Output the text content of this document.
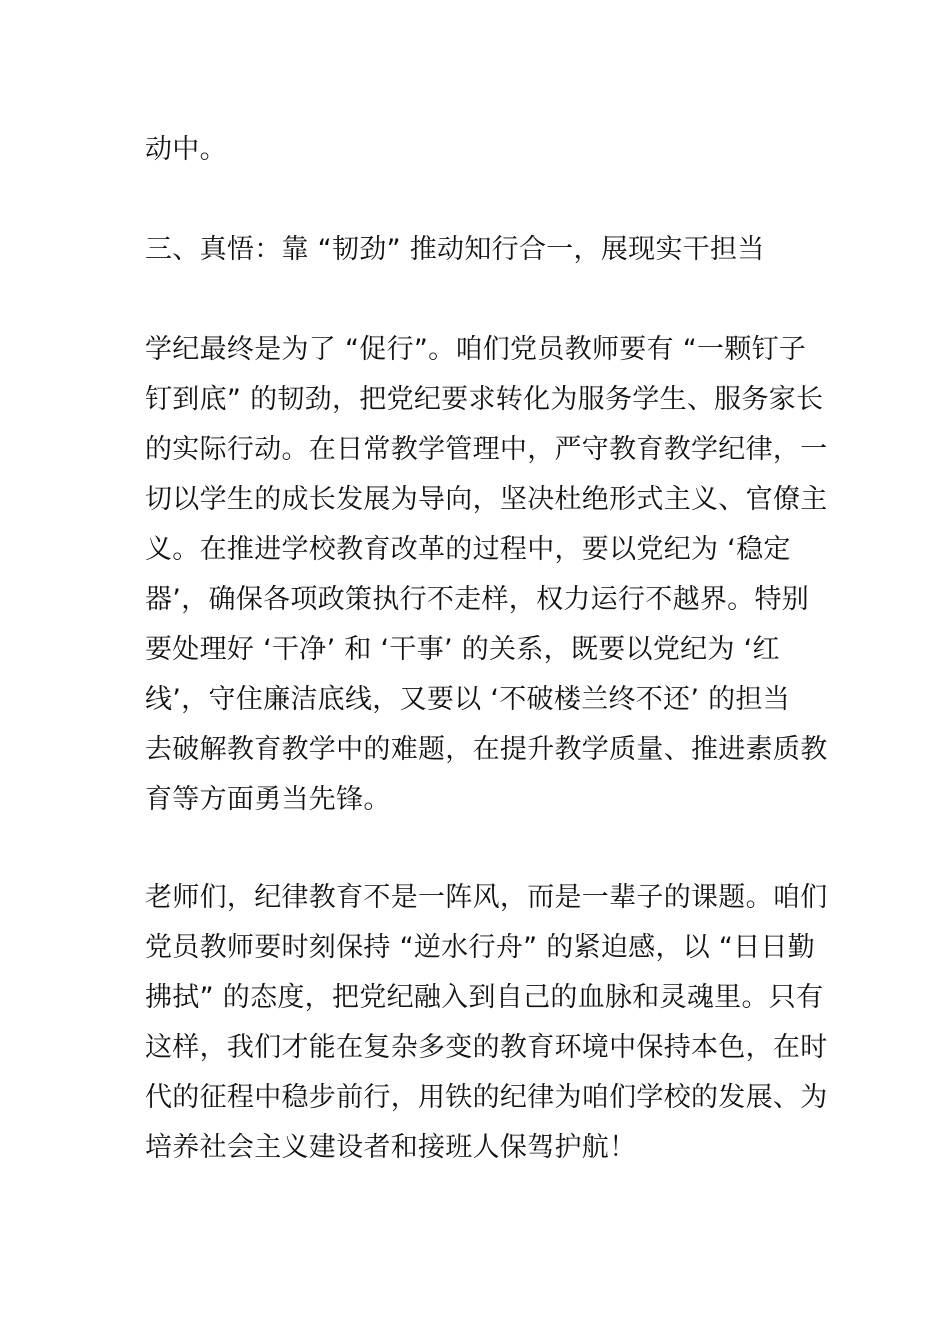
动中。
三、真悟：靠 “韧劲” 推动知行合一，展现实干担当
学纪最终是为了 “促行”。咱们党员教师要有 “一颗钉子
钉到底” 的韧劲，把党纪要求转化为服务学生、服务家长
的实际行动。在日常教学管理中，严守教育教学纪律，一
切以学生的成长发展为导向，坚决杜绝形式主义、官僚主
义。在推进学校教育改革的过程中，要以党纪为 ‘稳定
器’，确保各项政策执行不走样，权力运行不越界。特别
要处理好 ‘干净’ 和 ‘干事’ 的关系，既要以党纪为 ‘红
线’，守住廉洁底线，又要以 ‘不破楼兰终不还’ 的担当
去破解教育教学中的难题，在提升教学质量、推进素质教
育等方面勇当先锋。
老师们，纪律教育不是一阵风，而是一辈子的课题。咱们
党员教师要时刻保持 “逆水行舟” 的紧迫感，以 “日日勤
拂拭” 的态度，把党纪融入到自己的血脉和灵魂里。只有
这样，我们才能在复杂多变的教育环境中保持本色，在时
代的征程中稳步前行，用铁的纪律为咱们学校的发展、为
培养社会主义建设者和接班人保驾护航！
